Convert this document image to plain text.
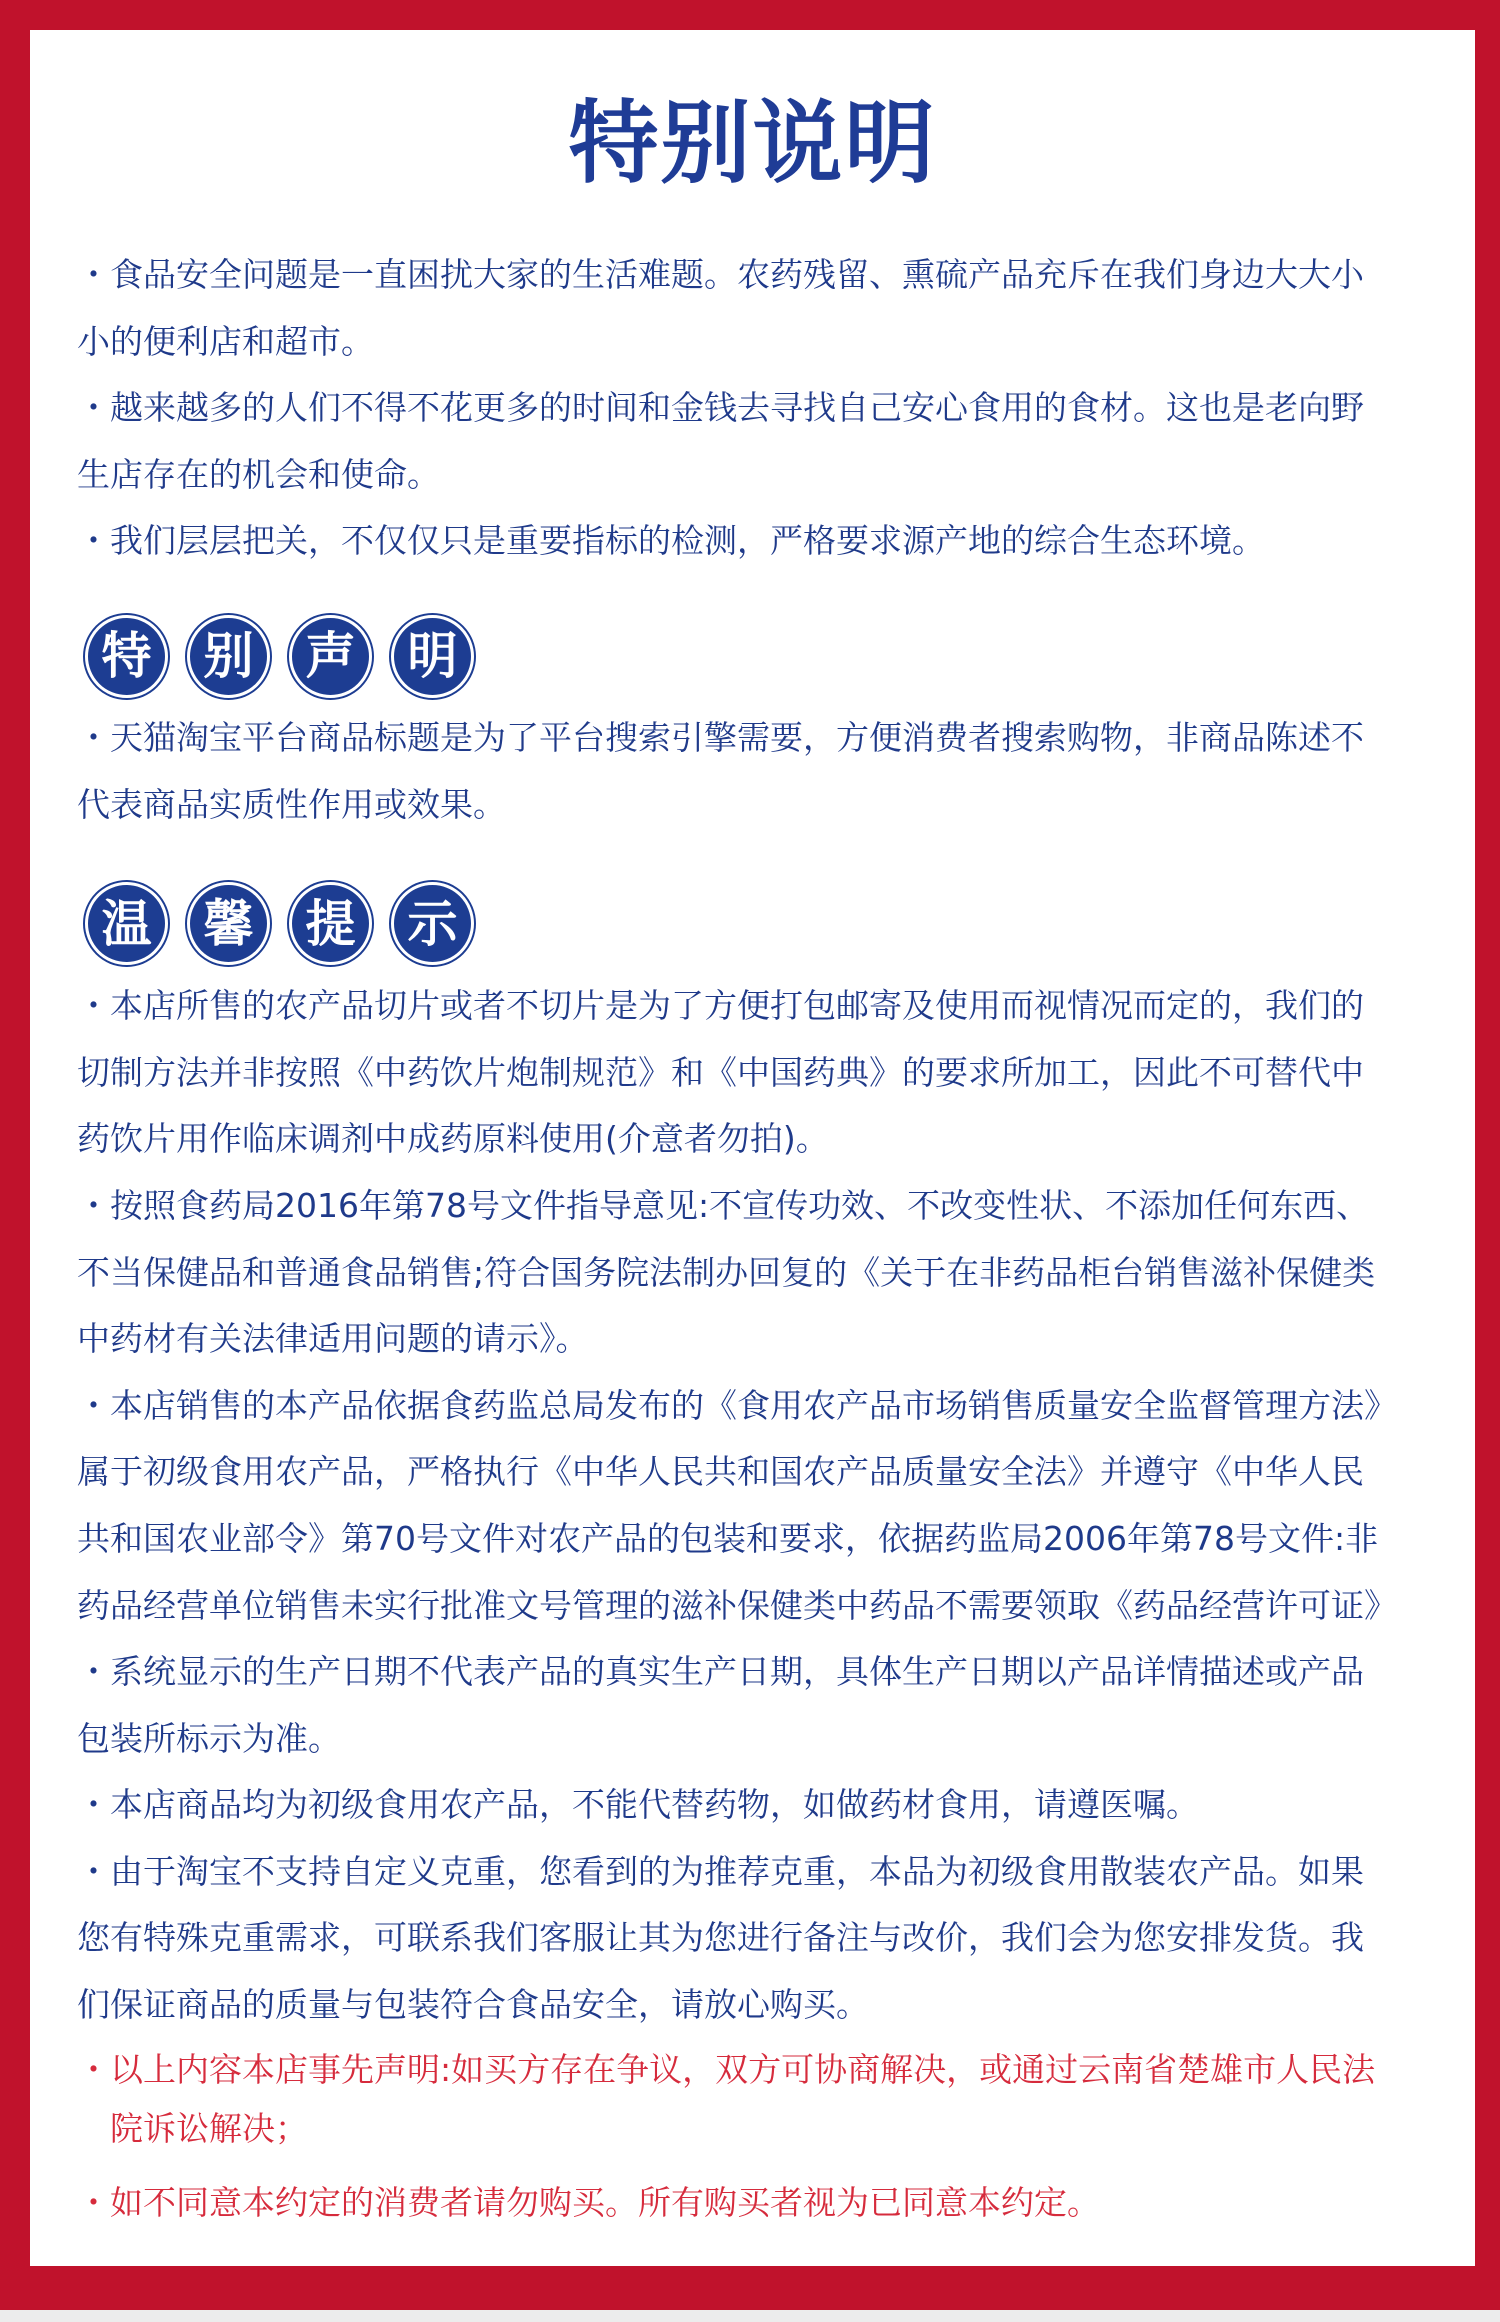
特别说明
・食品安全问题是一直困扰大家的生活难题。农药残留、熏硫产品充斥在我们身边大大小
小的便利店和超市。
・越来越多的人们不得不花更多的时间和金钱去寻找自己安心食用的食材。这也是老向野
生店存在的机会和使命。
・我们层层把关，不仅仅只是重要指标的检测，严格要求源产地的综合生态环境。
特	别	声	明
・天猫淘宝平台商品标题是为了平台搜索引擎需要，方便消费者搜索购物，非商品陈述不
代表商品实质性作用或效果。
温	馨	提	示
・本店所售的农产品切片或者不切片是为了方便打包邮寄及使用而视情况而定的，我们的
切制方法并非按照《中药饮片炮制规范》和《中国药典》的要求所加工，因此不可替代中
药饮片用作临床调剂中成药原料使用(介意者勿拍)。
・按照食药局2016年第78号文件指导意见:不宣传功效、不改变性状、不添加任何东西、
不当保健品和普通食品销售;符合国务院法制办回复的《关于在非药品柜台销售滋补保健类
中药材有关法律适用问题的请示》。
・本店销售的本产品依据食药监总局发布的《食用农产品市场销售质量安全监督管理方法》
属于初级食用农产品，严格执行《中华人民共和国农产品质量安全法》并遵守《中华人民
共和国农业部令》第70号文件对农产品的包装和要求，依据药监局2006年第78号文件:非
药品经营单位销售未实行批准文号管理的滋补保健类中药品不需要领取《药品经营许可证》
・系统显示的生产日期不代表产品的真实生产日期，具体生产日期以产品详情描述或产品
包装所标示为准。
・本店商品均为初级食用农产品，不能代替药物，如做药材食用，请遵医嘱。
・由于淘宝不支持自定义克重，您看到的为推荐克重，本品为初级食用散装农产品。如果
您有特殊克重需求，可联系我们客服让其为您进行备注与改价，我们会为您安排发货。我
们保证商品的质量与包装符合食品安全，请放心购买。
・以上内容本店事先声明:如买方存在争议，双方可协商解决，或通过云南省楚雄市人民法
院诉讼解决；
・如不同意本约定的消费者请勿购买。所有购买者视为已同意本约定。
